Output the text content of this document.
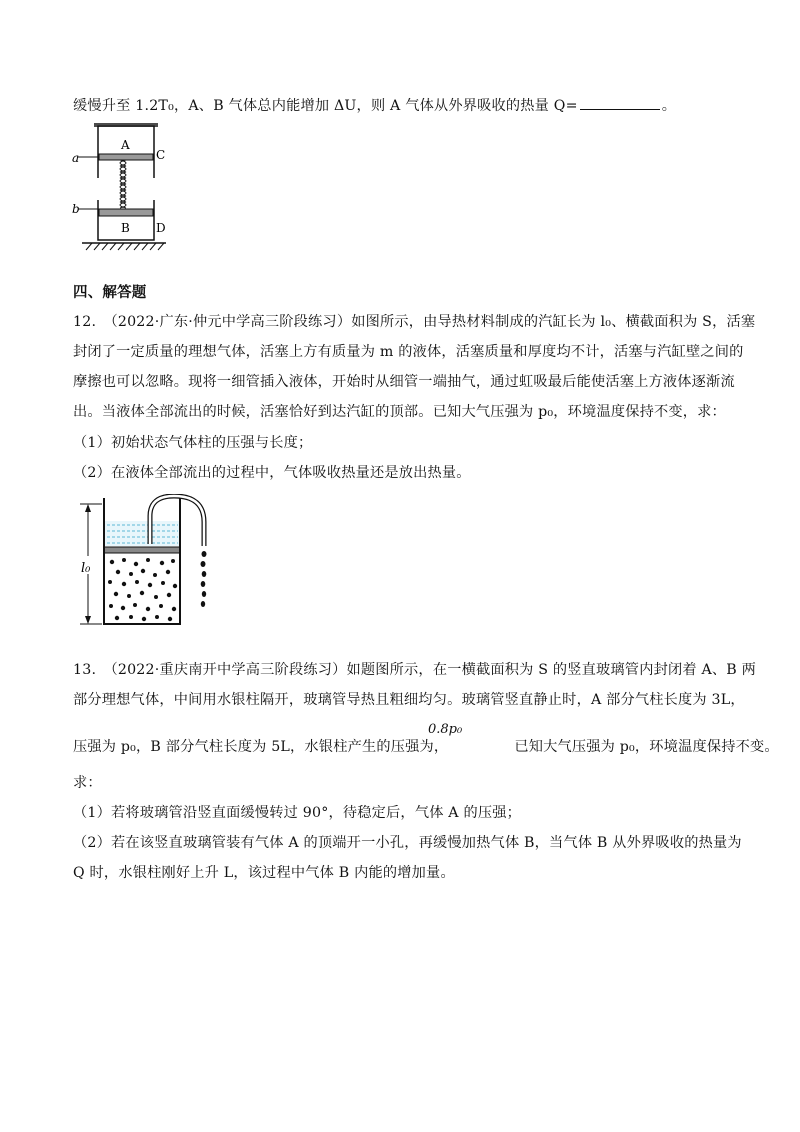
缓慢升至 1.2T₀，A、B 气体总内能增加 ΔU，则 A 气体从外界吸收的热量 Q=	。
a
A
C
b
B D
四、解答题
12.　（2022·广东·仲元中学高三阶段练习）如图所示，由导热材料制成的汽缸长为 l₀、横截面积为 S，活塞
封闭了一定质量的理想气体，活塞上方有质量为 m 的液体，活塞质量和厚度均不计，活塞与汽缸壁之间的
摩擦也可以忽略。现将一细管插入液体，开始时从细管一端抽气，通过虹吸最后能使活塞上方液体逐渐流
出。当液体全部流出的时候，活塞恰好到达汽缸的顶部。已知大气压强为 p₀，环境温度保持不变，求：
（1）初始状态气体柱的压强与长度；
（2）在液体全部流出的过程中，气体吸收热量还是放出热量。
l₀
13.　（2022·重庆南开中学高三阶段练习）如题图所示，在一横截面积为 S 的竖直玻璃管内封闭着 A、B 两
部分理想气体，中间用水银柱隔开，玻璃管导热且粗细均匀。玻璃管竖直静止时，A 部分气柱长度为 3L，
0.8p₀
压强为 p₀，B 部分气柱长度为 5L，水银柱产生的压强为，	已知大气压强为 p₀，环境温度保持不变。
求：
（1）若将玻璃管沿竖直面缓慢转过 90°，待稳定后，气体 A 的压强；
（2）若在该竖直玻璃管装有气体 A 的顶端开一小孔，再缓慢加热气体 B，当气体 B 从外界吸收的热量为
Q 时，水银柱刚好上升 L，该过程中气体 B 内能的增加量。
